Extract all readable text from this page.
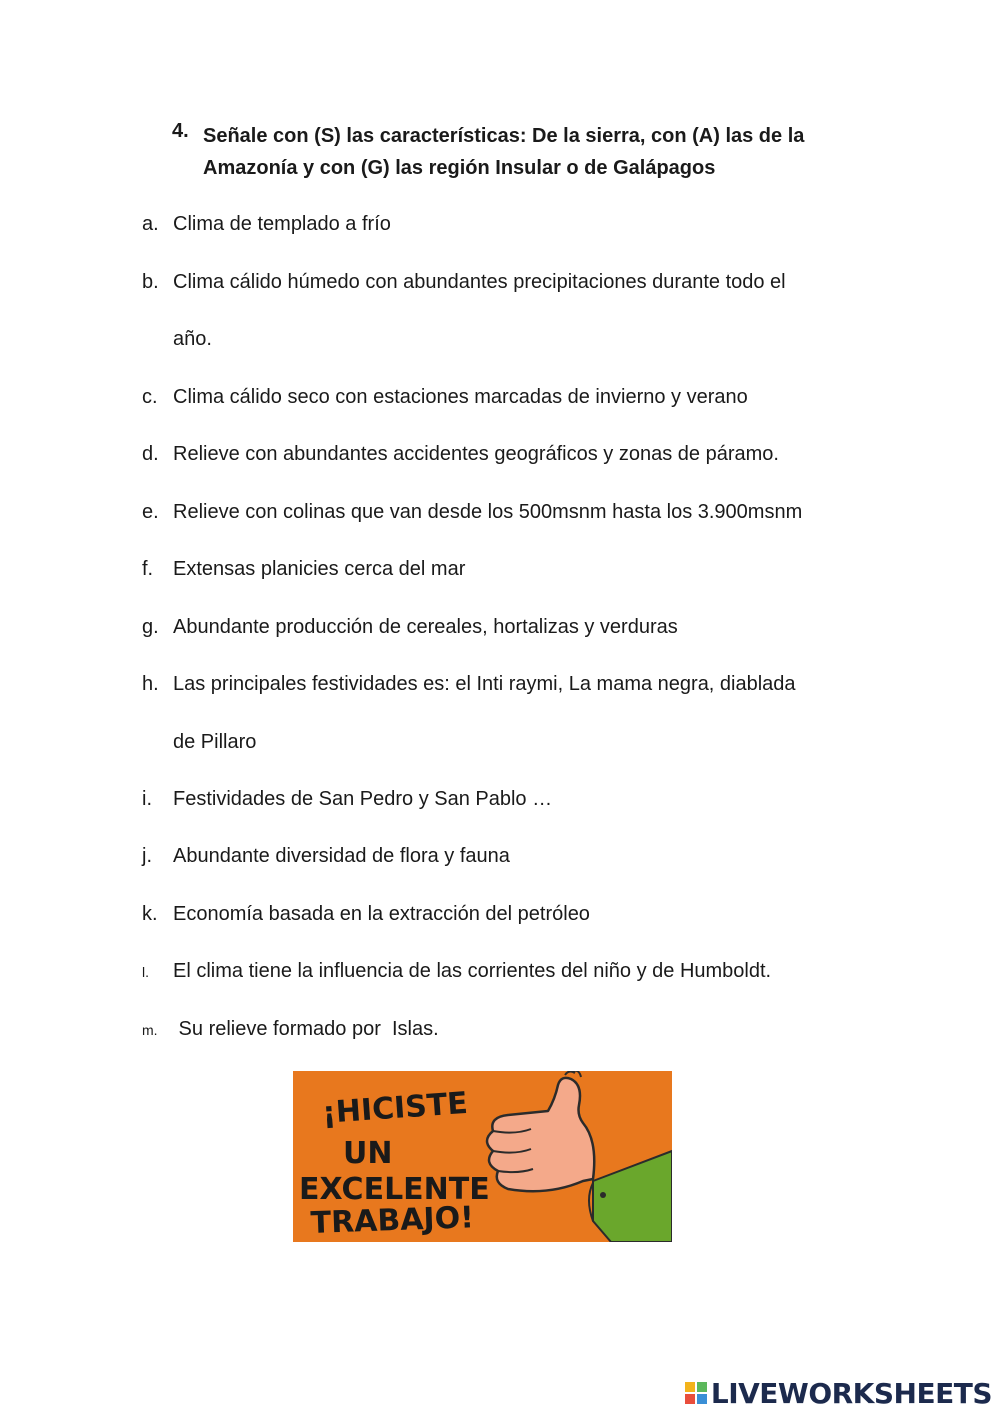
4. Señale con (S) las características: De la sierra, con (A) las de la Amazonía y con (G) las región Insular o de Galápagos
a. Clima de templado a frío
b. Clima cálido húmedo con abundantes precipitaciones durante todo el
año.
c. Clima cálido seco con estaciones marcadas de invierno y verano
d. Relieve con abundantes accidentes geográficos y zonas de páramo.
e. Relieve con colinas que van desde los 500msnm hasta los 3.900msnm
f. Extensas planicies cerca del mar
g. Abundante producción de cereales, hortalizas y verduras
h. Las principales festividades es: el Inti raymi, La mama negra, diablada
de Pillaro
i. Festividades de San Pedro y San Pablo …
j. Abundante diversidad de flora y fauna
k. Economía basada en la extracción del petróleo
l. El clima tiene la influencia de las corrientes del niño y de Humboldt.
m. Su relieve formado por  Islas.
¡HICISTE
UN
EXCELENTE
TRABAJO!
LIVEWORKSHEETS
